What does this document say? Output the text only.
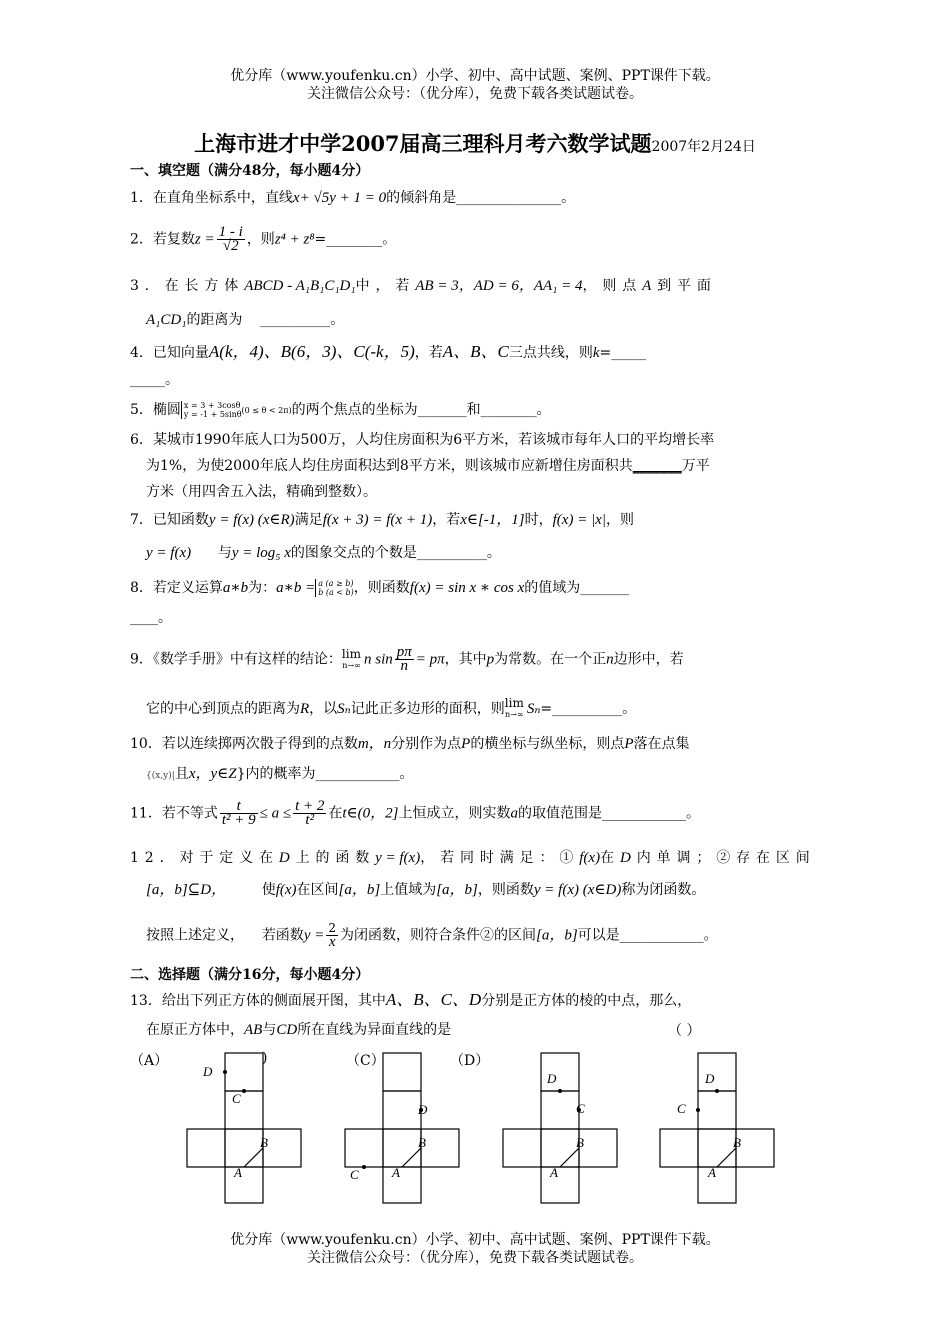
优分库（www.youfenku.cn）小学、初中、高中试题、案例、PPT课件下载。
关注微信公众号：（优分库），免费下载各类试题试卷。
上海市进才中学2007届高三理科月考六数学试题2007年2月24日
一、填空题（满分48分，每小题4分）
1．在直角坐标系中，直线x+ √5y + 1 = 0的倾斜角是_______________。
2．若复数$z = \frac{1 - i}{√2}$ ，则z⁴ + z⁸=________。
3．在长方体ABCD - A₁B₁C₁D₁中，若AB = 3，AD = 6，AA₁ = 4，则点A到平面
A₁CD₁的距离为 __________。
4．已知向量A(k，4)、B(6，3)、C(-k，5)，若A、B、C三点共线，则k=_____
_____。
5．椭圆 x = 3 + 3cosθ
y = -1 + 5sinθ (0 ≤ θ < 2π)的两个焦点的坐标为_______和________。
6．某城市1990年底人口为500万，人均住房面积为6平方米，若该城市每年人口的平均增长率
为1%，为使2000年底人均住房面积达到8平方米，则该城市应新增住房面积共_______万平
方米（用四舍五入法，精确到整数）。
7．已知函数y = f(x) (x∈R)满足f(x + 3) = f(x + 1)，若x∈[-1，1]时，f(x) = |x|，则
y = f(x) 与y = log₅ x的图象交点的个数是__________。
8．若定义运算a∗b为：a∗b = a (a ≥ b)
b (a < b) ，则函数f(x) = sin x ∗ cos x的值域为_______
____。
9．《数学手册》中有这样的结论：lim
n→∞ n $\sin \frac{p\pi}{n} = p\pi$，其中p为常数。在一个正n边形中，若
它的中心到顶点的距离为R，以Sₙ记此正多边形的面积，则lim
n→∞ Sₙ=__________。
10．若以连续掷两次骰子得到的点数m，n分别作为点P的横坐标与纵坐标，则点P落在点集
{(x,y)|且x，y∈Z}内的概率为____________。
11．若不等式 $\frac{t}{\text{t² + 9}} \le a \le \frac{t + 2}{\text{t²}}$ 在t∈(0，2]上恒成立，则实数a的取值范围是____________。
12．对于定义在D上的函数y = f(x)，若同时满足：①f(x)在D内单调；②存在区间
[a，b]⊆D，	使f(x)在区间[a，b]上值域为[a，b]，则函数y = f(x) (x∈D)称为闭函数。
按照上述定义， 若函数$y = \frac{2}{x}$ 为闭函数，则符合条件②的区间[a，b]可以是____________。
二、选择题（满分16分，每小题4分）
13．给出下列正方体的侧面展开图，其中A、B、C、D分别是正方体的棱的中点，那么，
在原正方体中，AB与CD所在直线为异面直线的是	（ ）
（A）	)	（C）	（D）
D
C
B
A
D
B
C	A
D
C
B
A
D
C
B
A
优分库（www.youfenku.cn）小学、初中、高中试题、案例、PPT课件下载。
关注微信公众号：（优分库），免费下载各类试题试卷。
